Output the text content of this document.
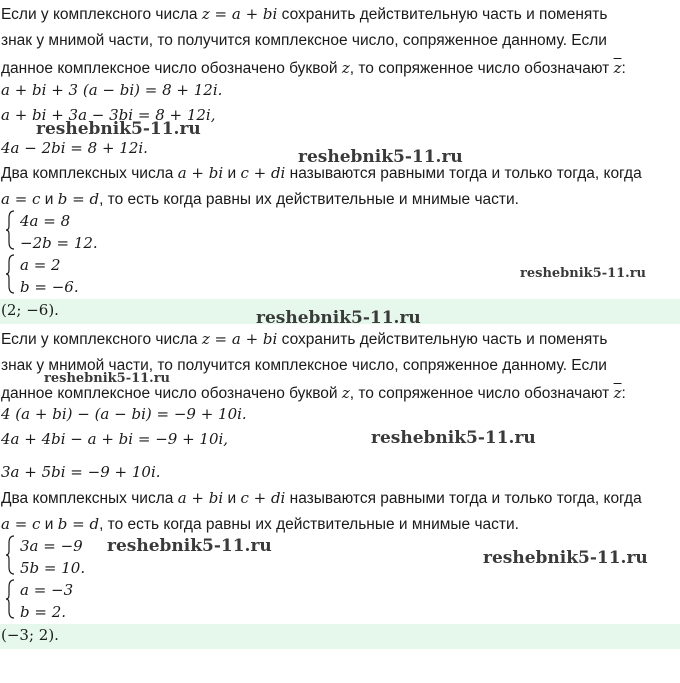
Если у комплексного числа z = a + bi сохранить действительную часть и поменять
знак у мнимой части, то получится комплексное число, сопряженное данному. Если
данное комплексное число обозначено буквой z, то сопряженное число обозначают $\overline{z}$:
a + bi + 3 (a − bi) = 8 + 12i.
a + bi + 3a − 3bi = 8 + 12i,
4a − 2bi = 8 + 12i.
Два комплексных числа a + bi и c + di называются равными тогда и только тогда, когда
a = c и b = d, то есть когда равны их действительные и мнимые части.
4a = 8
−2b = 12.
a = 2
b = −6.
(2; −6).
Если у комплексного числа z = a + bi сохранить действительную часть и поменять
знак у мнимой части, то получится комплексное число, сопряженное данному. Если
данное комплексное число обозначено буквой z, то сопряженное число обозначают $\overline{z}$:
4 (a + bi) − (a − bi) = −9 + 10i.
4a + 4bi − a + bi = −9 + 10i,
3a + 5bi = −9 + 10i.
Два комплексных числа a + bi и c + di называются равными тогда и только тогда, когда
a = c и b = d, то есть когда равны их действительные и мнимые части.
3a = −9
5b = 10.
a = −3
b = 2.
(−3; 2).
reshebnik5-11.ru
reshebnik5-11.ru
reshebnik5-11.ru
reshebnik5-11.ru
reshebnik5-11.ru
reshebnik5-11.ru
reshebnik5-11.ru
reshebnik5-11.ru
